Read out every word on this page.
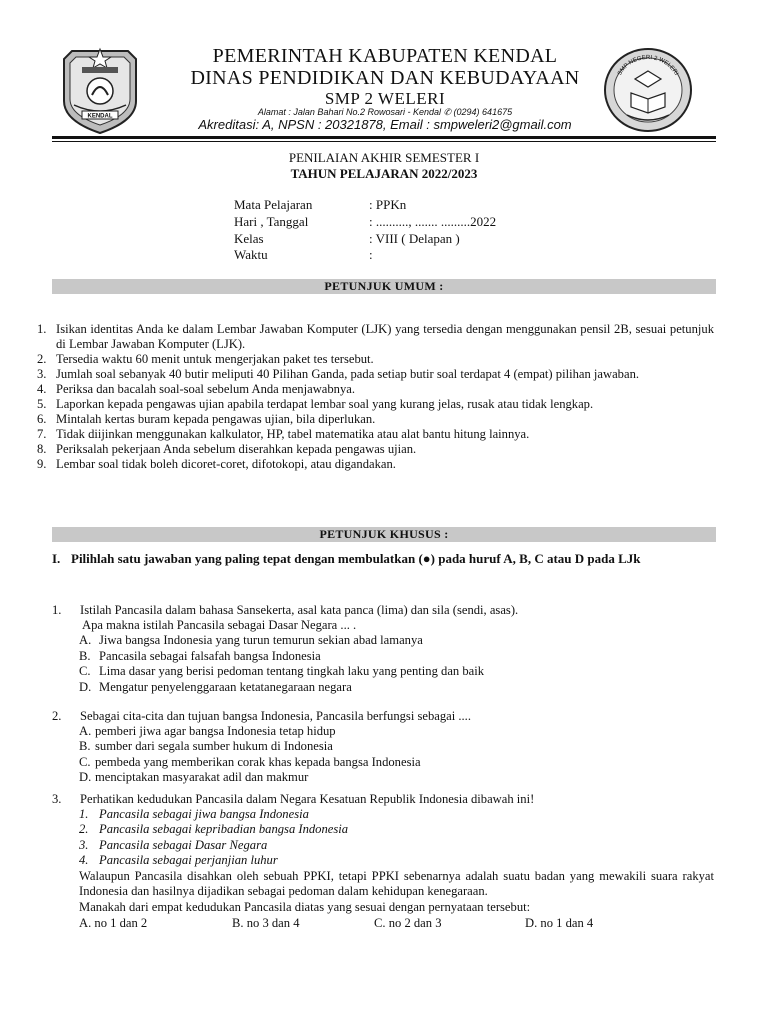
KENDAL
SMP NEGERI 2 WELERI
PEMERINTAH KABUPATEN KENDAL
DINAS PENDIDIKAN DAN KEBUDAYAAN
SMP 2 WELERI
Alamat : Jalan Bahari No.2 Rowosari - Kendal ✆ (0294) 641675
Akreditasi: A, NPSN : 20321878, Email : smpweleri2@gmail.com
PENILAIAN AKHIR SEMESTER I
TAHUN PELAJARAN 2022/2023
Mata Pelajaran	: PPKn
Hari , Tanggal	: .........., ....... .........2022
Kelas	: VIII ( Delapan )
Waktu	:
PETUNJUK UMUM :
1. Isikan identitas Anda ke dalam Lembar Jawaban Komputer (LJK) yang tersedia dengan menggunakan pensil 2B, sesuai petunjuk di Lembar Jawaban Komputer (LJK).
2. Tersedia waktu 60 menit untuk mengerjakan paket tes tersebut.
3. Jumlah soal sebanyak 40 butir meliputi 40 Pilihan Ganda, pada setiap butir soal terdapat 4 (empat) pilihan jawaban.
4. Periksa dan bacalah soal-soal sebelum Anda menjawabnya.
5. Laporkan kepada pengawas ujian apabila terdapat lembar soal yang kurang jelas, rusak atau tidak lengkap.
6. Mintalah kertas buram kepada pengawas ujian, bila diperlukan.
7. Tidak diijinkan menggunakan kalkulator, HP, tabel matematika atau alat bantu hitung lainnya.
8. Periksalah pekerjaan Anda sebelum diserahkan kepada pengawas ujian.
9. Lembar soal tidak boleh dicoret-coret, difotokopi, atau digandakan.
PETUNJUK KHUSUS :
I. Pilihlah satu jawaban yang paling tepat dengan membulatkan (●) pada huruf A, B, C atau D pada LJk
1. Istilah Pancasila dalam bahasa Sansekerta, asal kata panca (lima) dan sila (sendi, asas).
Apa makna istilah Pancasila sebagai Dasar Negara ... .
A. Jiwa bangsa Indonesia yang turun temurun sekian abad lamanya
B. Pancasila sebagai falsafah bangsa Indonesia
C. Lima dasar yang berisi pedoman tentang tingkah laku yang penting dan baik
D. Mengatur penyelenggaraan ketatanegaraan negara
2. Sebagai cita-cita dan tujuan bangsa Indonesia, Pancasila berfungsi sebagai ....
A. pemberi jiwa agar bangsa Indonesia tetap hidup
B. sumber dari segala sumber hukum di Indonesia
C. pembeda yang memberikan corak khas kepada bangsa Indonesia
D. menciptakan masyarakat adil dan makmur
3. Perhatikan kedudukan Pancasila dalam Negara Kesatuan Republik Indonesia dibawah ini!
1. Pancasila sebagai jiwa bangsa Indonesia
2. Pancasila sebagai kepribadian bangsa Indonesia
3. Pancasila sebagai Dasar Negara
4. Pancasila sebagai perjanjian luhur
Walaupun Pancasila disahkan oleh sebuah PPKI, tetapi PPKI sebenarnya adalah suatu badan yang mewakili suara rakyat Indonesia dan hasilnya dijadikan sebagai pedoman dalam kehidupan kenegaraan.
Manakah dari empat kedudukan Pancasila diatas yang sesuai dengan pernyataan tersebut:
A. no 1 dan 2	B. no 3 dan 4	C. no 2 dan 3	D. no 1 dan 4
